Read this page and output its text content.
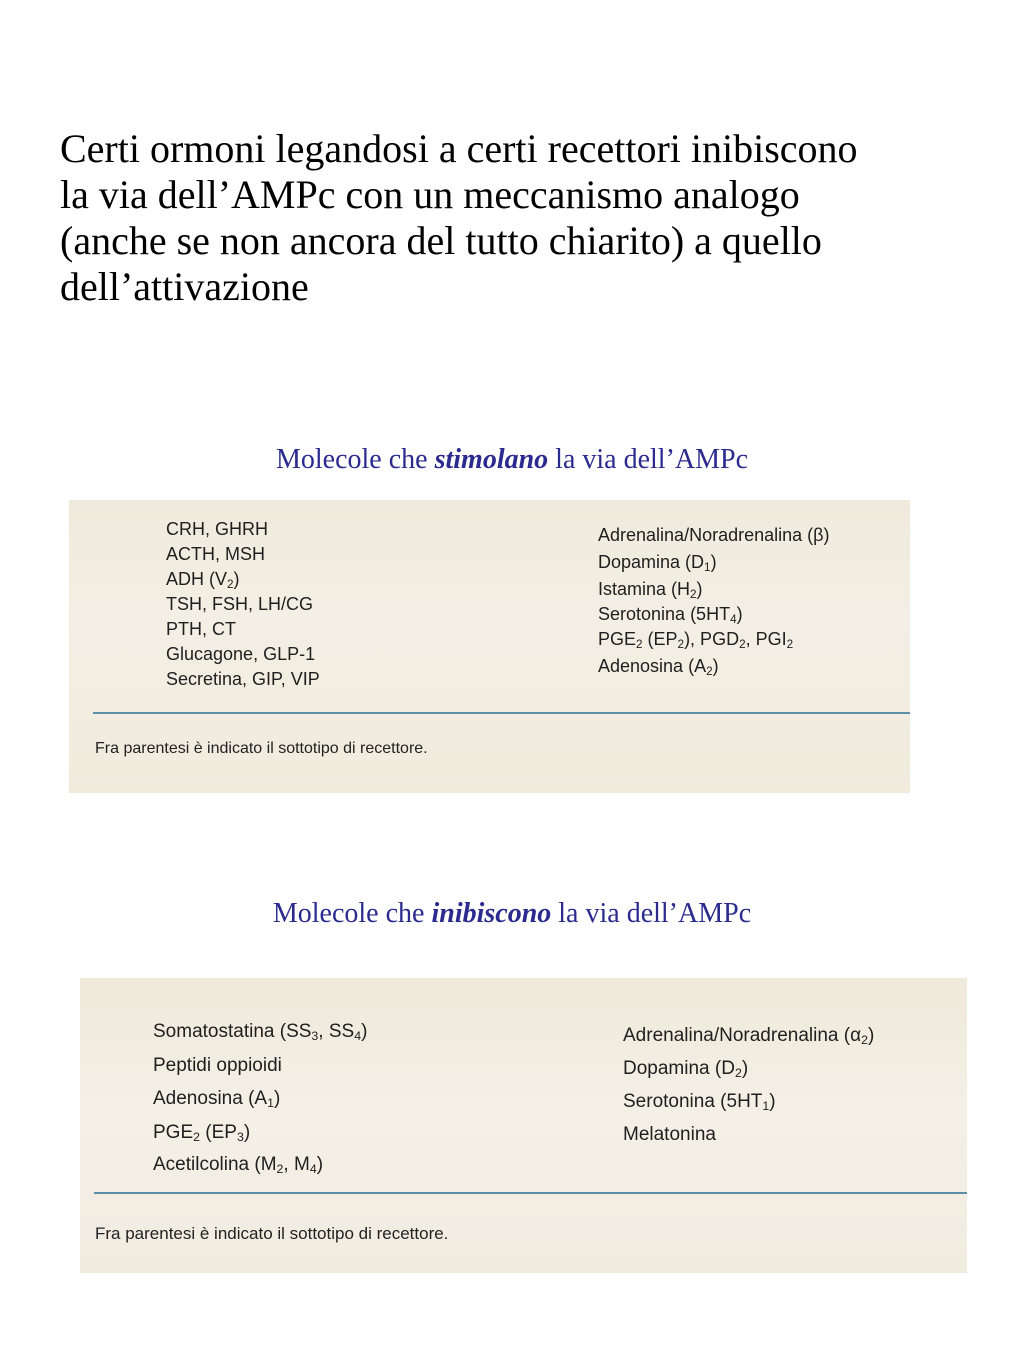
Certi ormoni legandosi a certi recettori inibiscono
la via dell’AMPc con un meccanismo analogo
(anche se non ancora del tutto chiarito) a quello
dell’attivazione
Molecole che stimolano la via dell’AMPc
CRH, GHRH
ACTH, MSH
ADH $(V_2)$
TSH, FSH, LH/CG
PTH, CT
Glucagone, GLP-1
Secretina, GIP, VIP
Adrenalina/Noradrenalina (β)
Dopamina $(D_1)$
Istamina $(H_2)$
Serotonina $(5HT_4)$
$PGE_2$ $(EP_2)$, $PGD_2$, $PGI_2$
Adenosina $(A_2)$
Fra parentesi è indicato il sottotipo di recettore.
Molecole che inibiscono la via dell’AMPc
Somatostatina ($SS_3$, $SS_4$)
Peptidi oppioidi
Adenosina $(A_1)$
$PGE_2$ $(EP_3)$
Acetilcolina ($M_2$, $M_4$)
Adrenalina/Noradrenalina $(\alpha_2)$
Dopamina $(D_2)$
Serotonina $(5HT_1)$
Melatonina
Fra parentesi è indicato il sottotipo di recettore.
